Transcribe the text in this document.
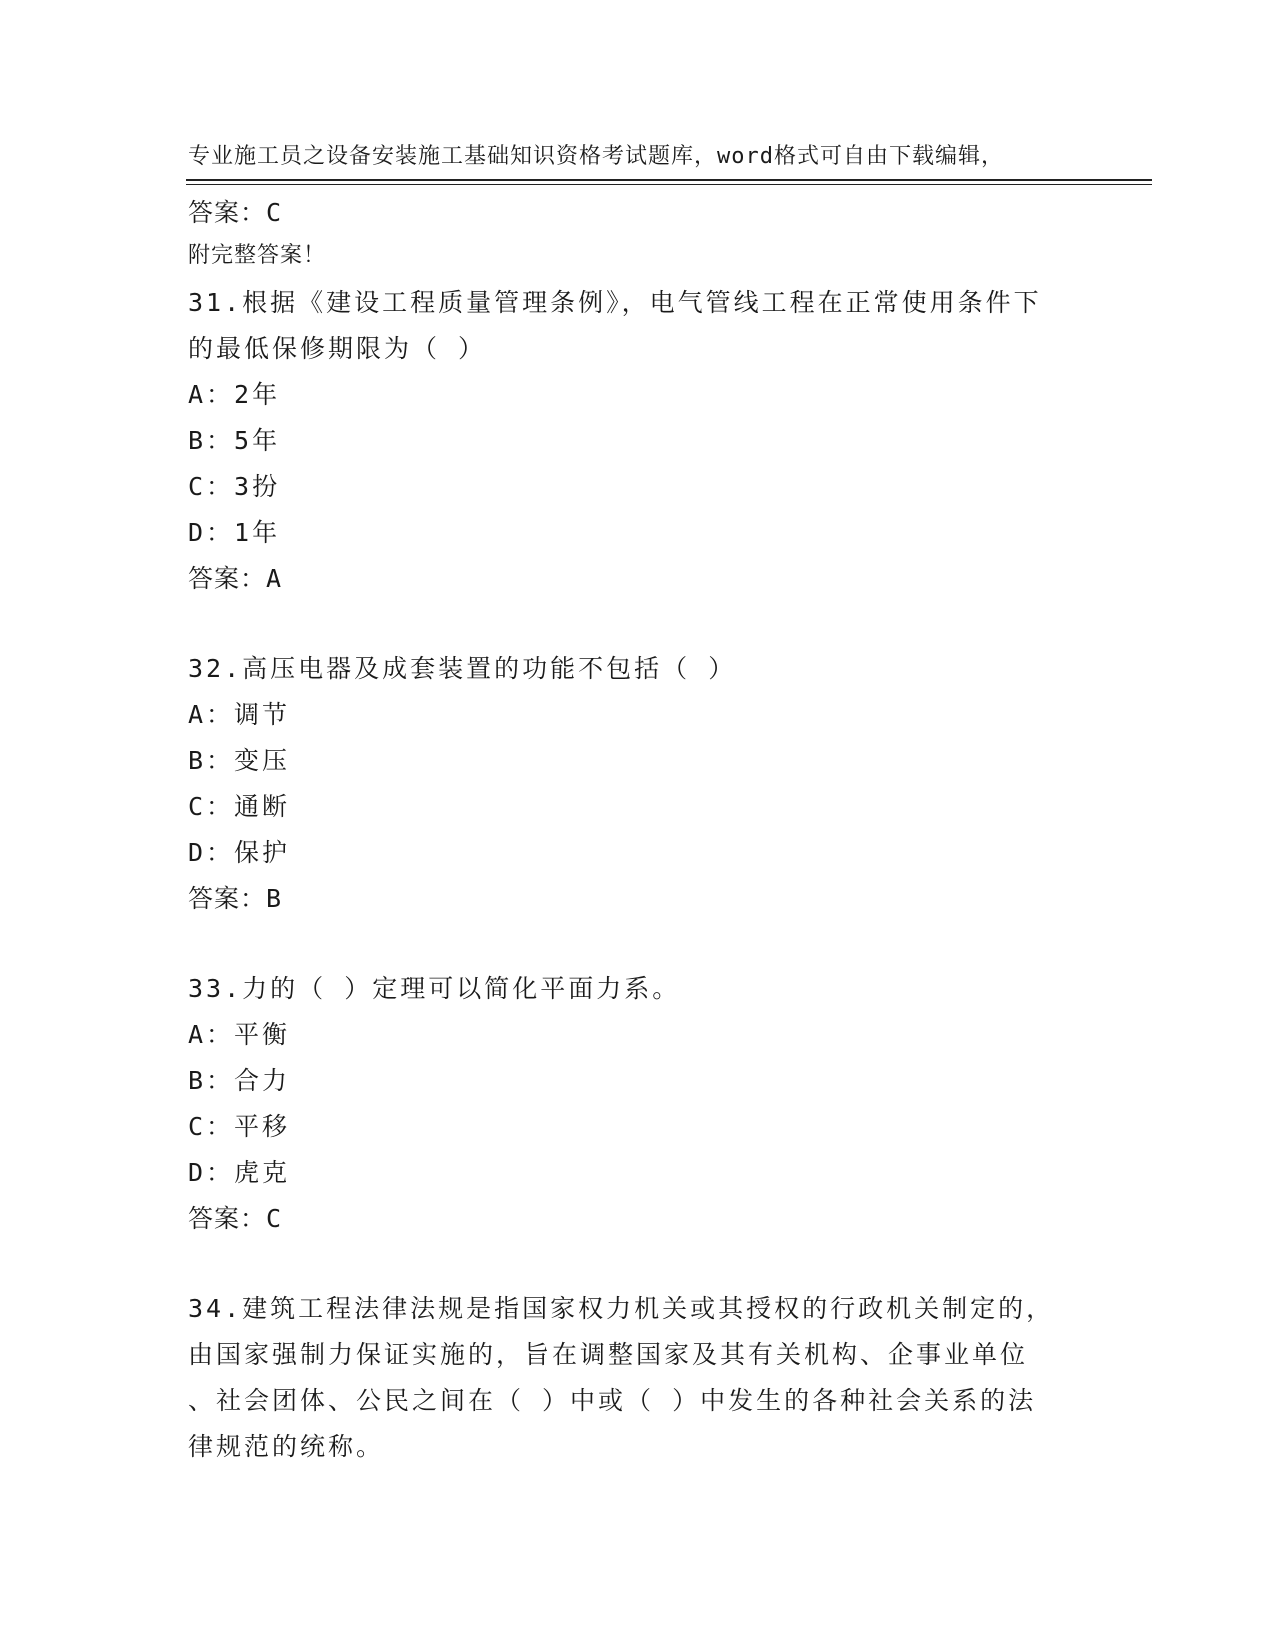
专业施工员之设备安装施工基础知识资格考试题库，word格式可自由下载编辑，

附完整答案！

答案：C
31.根据《建设工程质量管理条例》，电气管线工程在正常使用条件下
的最低保修期限为（ ）
A：2年
B：5年
C：3扮
D：1年
答案：A
32.高压电器及成套装置的功能不包括（ ）
A：调节
B：变压
C：通断
D：保护
答案：B
33.力的（ ）定理可以简化平面力系。
A：平衡
B：合力
C：平移
D：虎克
答案：C
34.建筑工程法律法规是指国家权力机关或其授权的行政机关制定的，
由国家强制力保证实施的，旨在调整国家及其有关机构、企事业单位
、社会团体、公民之间在（ ）中或（ ）中发生的各种社会关系的法
律规范的统称。
